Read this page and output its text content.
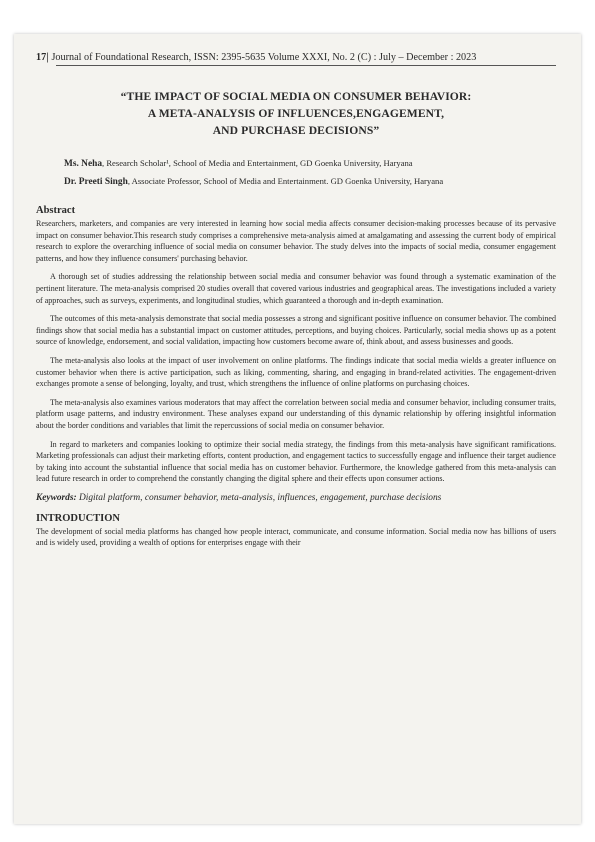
17| Journal of Foundational Research, ISSN: 2395-5635 Volume XXXI, No. 2 (C) : July – December : 2023
“THE IMPACT OF SOCIAL MEDIA ON CONSUMER BEHAVIOR:
A META-ANALYSIS OF INFLUENCES,ENGAGEMENT,
AND PURCHASE DECISIONS”
Ms. Neha, Research Scholar¹, School of Media and Entertainment, GD Goenka University, Haryana
Dr. Preeti Singh, Associate Professor, School of Media and Entertainment. GD Goenka University, Haryana
Abstract

Researchers, marketers, and companies are very interested in learning how social media affects consumer decision-making processes because of its pervasive impact on consumer behavior.This research study comprises a comprehensive meta-analysis aimed at amalgamating and assessing the current body of empirical research to explore the overarching influence of social media on consumer behavior. The study delves into the impacts of social media, consumer engagement patterns, and how they influence consumers' purchasing behavior.

A thorough set of studies addressing the relationship between social media and consumer behavior was found through a systematic examination of the pertinent literature. The meta-analysis comprised 20 studies overall that covered various industries and geographical areas. The investigations included a variety of approaches, such as surveys, experiments, and longitudinal studies, which guaranteed a thorough and in-depth examination.

The outcomes of this meta-analysis demonstrate that social media possesses a strong and significant positive influence on consumer behavior. The combined findings show that social media has a substantial impact on customer attitudes, perceptions, and buying choices. Particularly, social media shows up as a potent source of knowledge, endorsement, and social validation, impacting how customers become aware of, think about, and assess businesses and goods.

The meta-analysis also looks at the impact of user involvement on online platforms. The findings indicate that social media wields a greater influence on customer behavior when there is active participation, such as liking, commenting, sharing, and engaging in brand-related activities. The engagement-driven exchanges promote a sense of belonging, loyalty, and trust, which strengthens the influence of online platforms on purchasing choices.

The meta-analysis also examines various moderators that may affect the correlation between social media and consumer behavior, including consumer traits, platform usage patterns, and industry environment. These analyses expand our understanding of this dynamic relationship by offering insightful information about the border conditions and variables that limit the repercussions of social media on consumer behavior.

In regard to marketers and companies looking to optimize their social media strategy, the findings from this meta-analysis have significant ramifications. Marketing professionals can adjust their marketing efforts, content production, and engagement tactics to successfully engage and influence their target audience by taking into account the substantial influence that social media has on customer behavior. Furthermore, the knowledge gathered from this meta-analysis can lead future research in order to comprehend the constantly changing the digital sphere and their effects upon consumer actions.

Keywords: Digital platform, consumer behavior, meta-analysis, influences, engagement, purchase decisions
INTRODUCTION

The development of social media platforms has changed how people interact, communicate, and consume information. Social media now has billions of users and is widely used, providing a wealth of options for enterprises engage with their
